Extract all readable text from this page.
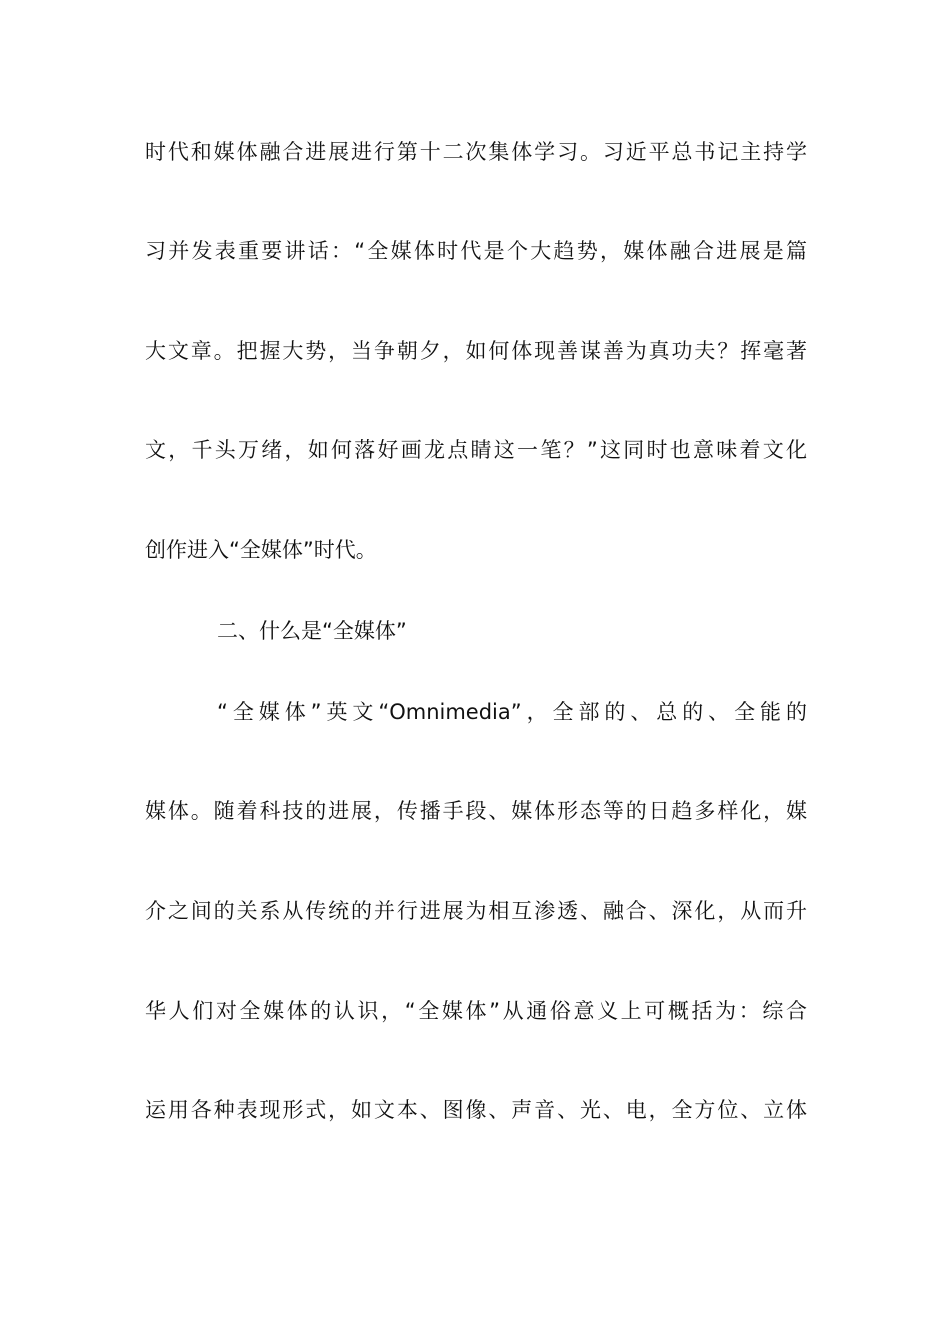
时代和媒体融合进展进行第十二次集体学习。习近平总书记主持学
习并发表重要讲话：“全媒体时代是个大趋势，媒体融合进展是篇
大文章。把握大势，当争朝夕，如何体现善谋善为真功夫？挥毫著
文，千头万绪，如何落好画龙点睛这一笔？”这同时也意味着文化
创作进入“全媒体”时代。
二、什么是“全媒体”
“全媒体”英文“Omnimedia”，全部的、总的、全能的
媒体。随着科技的进展，传播手段、媒体形态等的日趋多样化，媒
介之间的关系从传统的并行进展为相互渗透、融合、深化，从而升
华人们对全媒体的认识，“全媒体”从通俗意义上可概括为：综合
运用各种表现形式，如文本、图像、声音、光、电，全方位、立体
